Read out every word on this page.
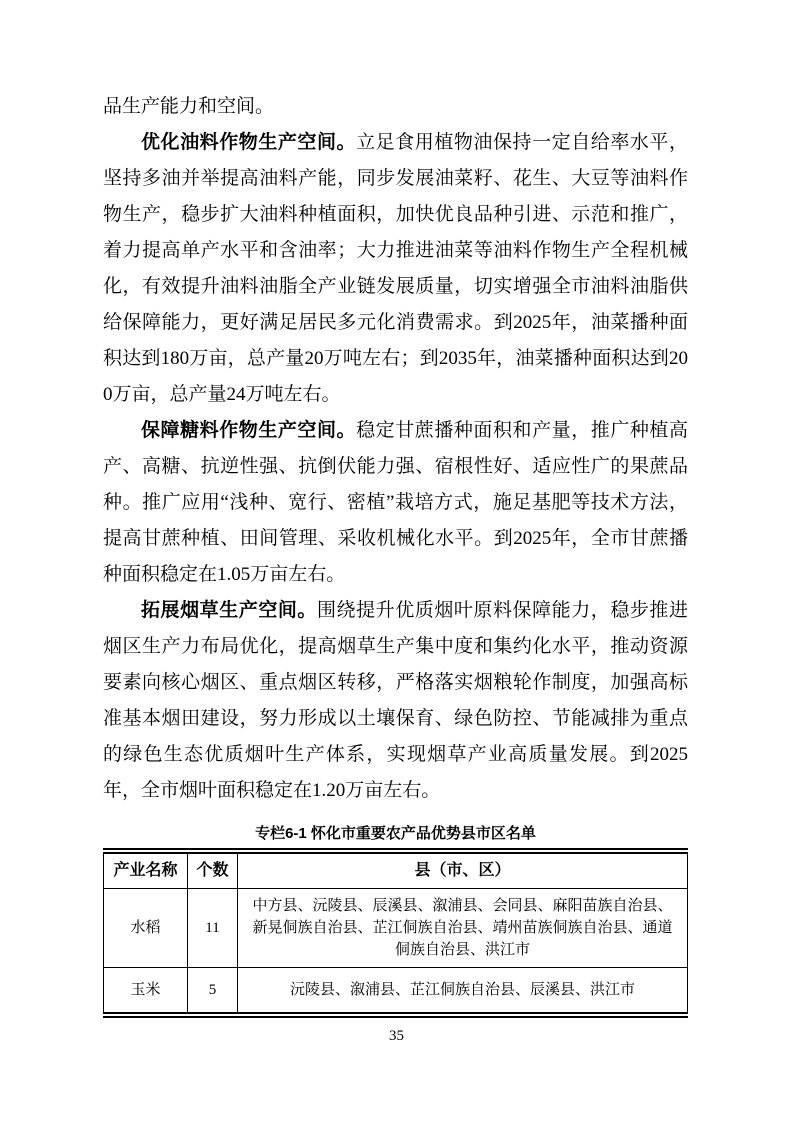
品生产能力和空间。

优化油料作物生产空间。立足食用植物油保持一定自给率水平，坚持多油并举提高油料产能，同步发展油菜籽、花生、大豆等油料作物生产，稳步扩大油料种植面积，加快优良品种引进、示范和推广，着力提高单产水平和含油率；大力推进油菜等油料作物生产全程机械化，有效提升油料油脂全产业链发展质量，切实增强全市油料油脂供给保障能力，更好满足居民多元化消费需求。到2025年，油菜播种面积达到180万亩，总产量20万吨左右；到2035年，油菜播种面积达到200万亩，总产量24万吨左右。

保障糖料作物生产空间。稳定甘蔗播种面积和产量，推广种植高产、高糖、抗逆性强、抗倒伏能力强、宿根性好、适应性广的果蔗品种。推广应用“浅种、宽行、密植”栽培方式，施足基肥等技术方法，提高甘蔗种植、田间管理、采收机械化水平。到2025年，全市甘蔗播种面积稳定在1.05万亩左右。

拓展烟草生产空间。围绕提升优质烟叶原料保障能力，稳步推进烟区生产力布局优化，提高烟草生产集中度和集约化水平，推动资源要素向核心烟区、重点烟区转移，严格落实烟粮轮作制度，加强高标准基本烟田建设，努力形成以土壤保育、绿色防控、节能减排为重点的绿色生态优质烟叶生产体系，实现烟草产业高质量发展。到2025年，全市烟叶面积稳定在1.20万亩左右。

专栏6-1 怀化市重要农产品优势县市区名单

产业名称	个数	县（市、区）
水稻	11	中方县、沅陵县、辰溪县、溆浦县、会同县、麻阳苗族自治县、新晃侗族自治县、芷江侗族自治县、靖州苗族侗族自治县、通道侗族自治县、洪江市
玉米	5	沅陵县、溆浦县、芷江侗族自治县、辰溪县、洪江市
35
